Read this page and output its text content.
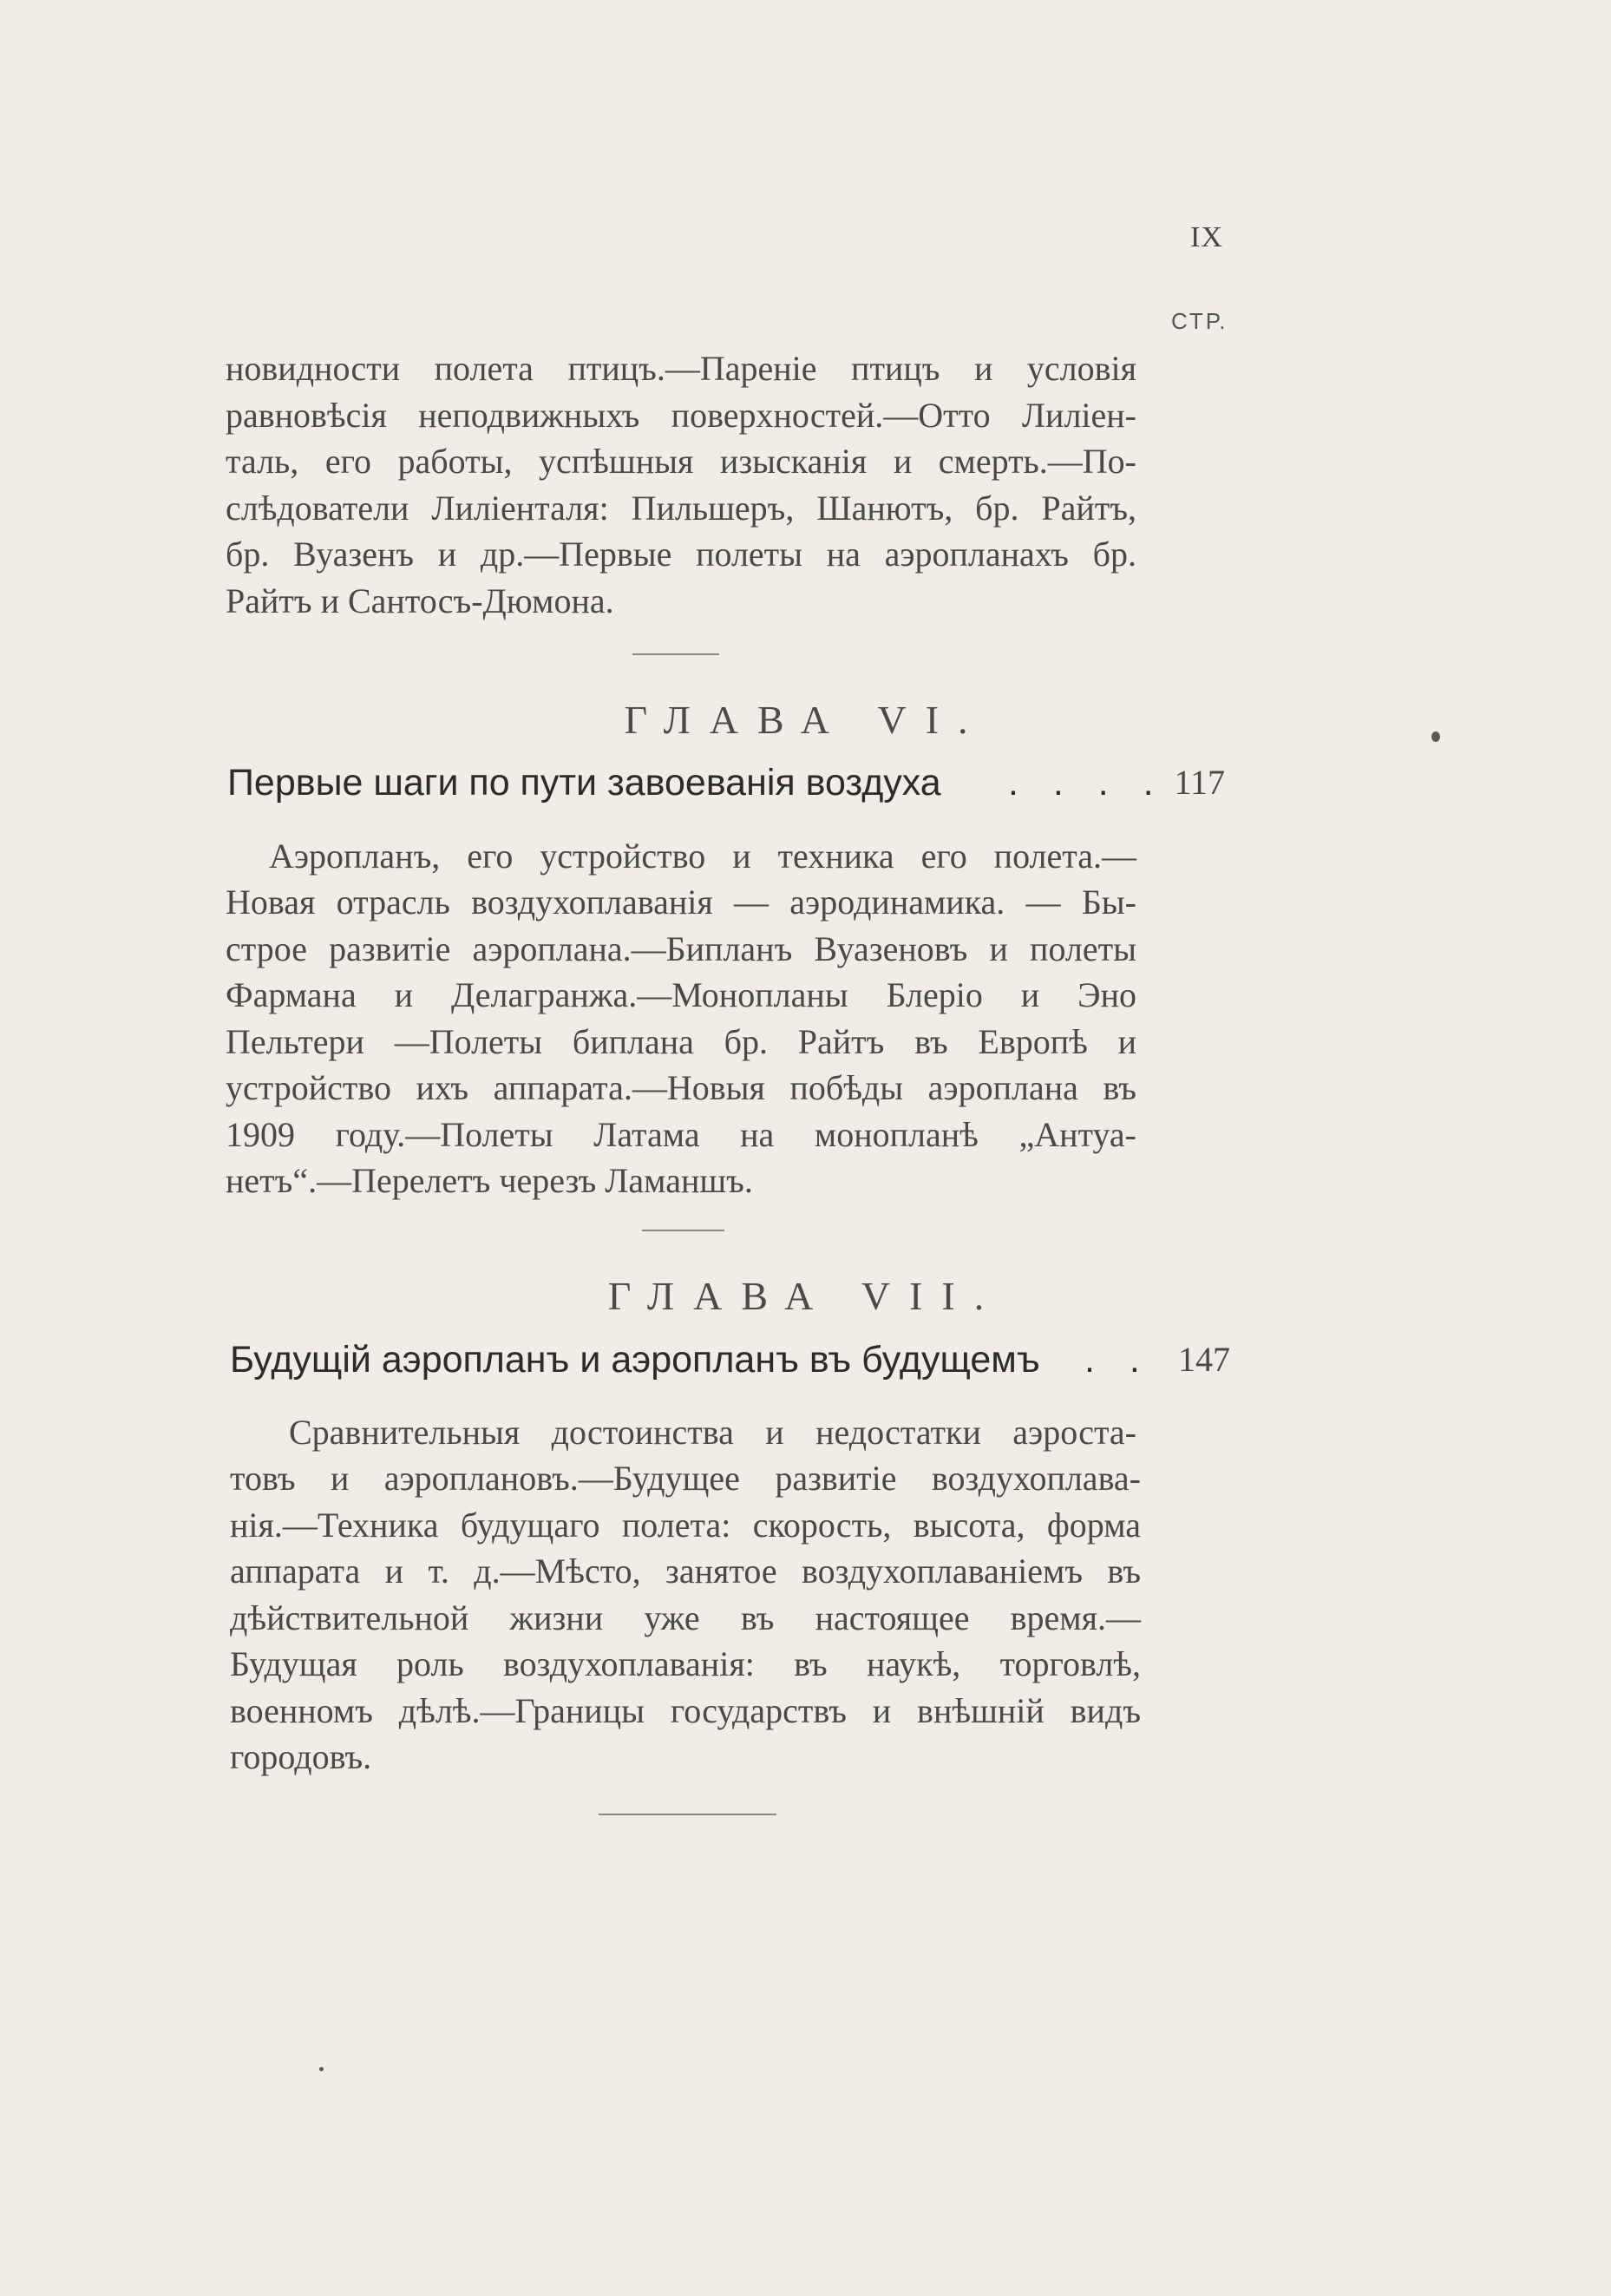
IX
СТР.
новидности полета птицъ.—Пареніе птицъ и условія
равновѣсія неподвижныхъ поверхностей.—Отто Лиліен-
таль, его работы, успѣшныя изысканія и смерть.—По-
слѣдователи Лиліенталя: Пильшеръ, Шанютъ, бр. Райтъ,
бр. Вуазенъ и др.—Первые полеты на аэропланахъ бр.
Райтъ и Сантосъ-Дюмона.
ГЛАВА VI.
Первые шаги по пути завоеванія воздуха . . . . 117
Аэропланъ, его устройство и техника его полета.—
Новая отрасль воздухоплаванія — аэродинамика. — Бы-
строе развитіе аэроплана.—Бипланъ Вуазеновъ и полеты
Фармана и Делагранжа.—Монопланы Блеріо и Эно
Пельтери —Полеты биплана бр. Райтъ въ Европѣ и
устройство ихъ аппарата.—Новыя побѣды аэроплана въ
1909 году.—Полеты Латама на монопланѣ „Антуа-
нетъ“.—Перелетъ черезъ Ламаншъ.
ГЛАВА VII.
Будущій аэропланъ и аэропланъ въ будущемъ . . 147
Сравнительныя достоинства и недостатки аэроста-
товъ и аэроплановъ.—Будущее развитіе воздухоплава-
нія.—Техника будущаго полета: скорость, высота, форма
аппарата и т. д.—Мѣсто, занятое воздухоплаваніемъ въ
дѣйствительной жизни уже въ настоящее время.—
Будущая роль воздухоплаванія: въ наукѣ, торговлѣ,
военномъ дѣлѣ.—Границы государствъ и внѣшній видъ
городовъ.
